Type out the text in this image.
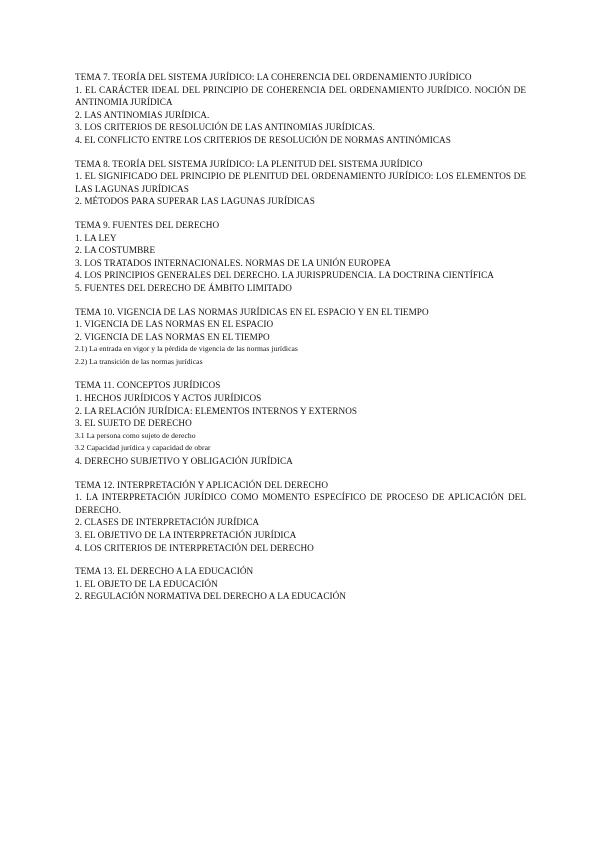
TEMA 7. TEORÍA DEL SISTEMA JURÍDICO: LA COHERENCIA DEL ORDENAMIENTO JURÍDICO
1. EL CARÁCTER IDEAL DEL PRINCIPIO DE COHERENCIA DEL ORDENAMIENTO JURÍDICO. NOCIÓN DE ANTINOMIA JURÍDICA
2. LAS ANTINOMIAS JURÍDICA.
3. LOS CRITERIOS DE RESOLUCIÓN DE LAS ANTINOMIAS JURÍDICAS.
4. EL CONFLICTO ENTRE LOS CRITERIOS DE RESOLUCIÓN DE NORMAS ANTINÓMICAS
TEMA 8. TEORÍA DEL SISTEMA JURÍDICO: LA PLENITUD DEL SISTEMA JURÍDICO
1. EL SIGNIFICADO DEL PRINCIPIO DE PLENITUD DEL ORDENAMIENTO JURÍDICO: LOS ELEMENTOS DE LAS LAGUNAS JURÍDICAS
2. MÉTODOS PARA SUPERAR LAS LAGUNAS JURÍDICAS
TEMA 9. FUENTES DEL DERECHO
1. LA LEY
2. LA COSTUMBRE
3. LOS TRATADOS INTERNACIONALES. NORMAS DE LA UNIÓN EUROPEA
4. LOS PRINCIPIOS GENERALES DEL DERECHO. LA JURISPRUDENCIA. LA DOCTRINA CIENTÍFICA
5. FUENTES DEL DERECHO DE ÁMBITO LIMITADO
TEMA 10. VIGENCIA DE LAS NORMAS JURÍDICAS EN EL ESPACIO Y EN EL TIEMPO
1. VIGENCIA DE LAS NORMAS EN EL ESPACIO
2. VIGENCIA DE LAS NORMAS EN EL TIEMPO
2.1) La entrada en vigor y la pérdida de vigencia de las normas jurídicas
2.2) La transición de las normas jurídicas
TEMA 11. CONCEPTOS JURÍDICOS
1. HECHOS JURÍDICOS Y ACTOS JURÍDICOS
2. LA RELACIÓN JURÍDICA: ELEMENTOS INTERNOS Y EXTERNOS
3. EL SUJETO DE DERECHO
3.1 La persona como sujeto de derecho
3.2 Capacidad jurídica y capacidad de obrar
4. DERECHO SUBJETIVO Y OBLIGACIÓN JURÍDICA
TEMA 12. INTERPRETACIÓN Y APLICACIÓN DEL DERECHO
1. LA INTERPRETACIÓN JURÍDICO COMO MOMENTO ESPECÍFICO DE PROCESO DE APLICACIÓN DEL DERECHO.
2. CLASES DE INTERPRETACIÓN JURÍDICA
3. EL OBJETIVO DE LA INTERPRETACIÓN JURÍDICA
4. LOS CRITERIOS DE INTERPRETACIÓN DEL DERECHO
TEMA 13. EL DERECHO A LA EDUCACIÓN
1. EL OBJETO DE LA EDUCACIÓN
2. REGULACIÓN NORMATIVA DEL DERECHO A LA EDUCACIÓN
